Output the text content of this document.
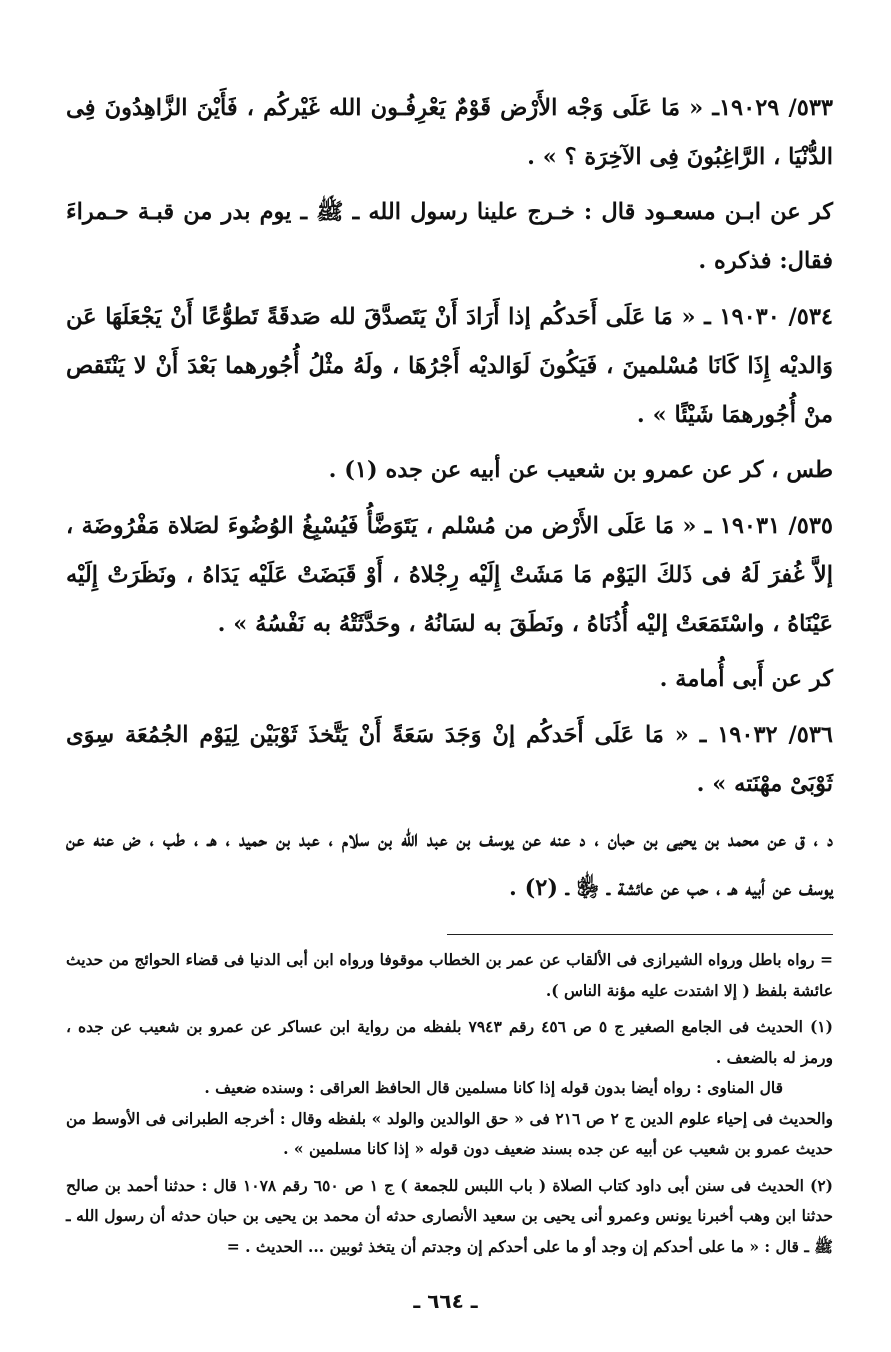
٥٣٣/ ١٩٠٢٩ـ « مَا عَلَى وَجْه الأَرْض قَوْمٌ يَعْرِفُـون الله غَيْركُم ، فَأَيْنَ الزَّاهِدُونَ فِى الدُّنْيَا ، الرَّاغِبُونَ فِى الآخِرَة ؟ » .

كر عن ابـن مسعـود قال : خـرج علينا رسول الله ـ ﷺ ـ يوم بدر من قبـة حـمراءَ فقال: فذكره .

٥٣٤/ ١٩٠٣٠ ـ « مَا عَلَى أَحَدكُم إذا أَرَادَ أَنْ يَتَصدَّقَ لله صَدقَةً تَطوُّعًا أَنْ يَجْعَلَهَا عَن وَالديْه إِذَا كَانَا مُسْلمينَ ، فَيَكُونَ لَوَالديْه أَجْرُهَا ، ولَهُ مثْلُ أُجُورهما بَعْدَ أَنْ لا يَنْتَقص منْ أُجُورهمَا شَيْئًا » .

طس ، كر عن عمرو بن شعيب عن أبيه عن جده (١) .

٥٣٥/ ١٩٠٣١ ـ « مَا عَلَى الأَرْض من مُسْلم ، يَتَوَضَّأُ فَيُسْبِغُ الوُضُوءَ لصَلاة مَفْرُوضَة ، إلاَّ غُفرَ لَهُ فى ذَلكَ اليَوْم مَا مَشَتْ إِلَيْه رِجْلاهُ ، أَوْ قَبَضَتْ عَلَيْه يَدَاهُ ، ونَظَرَتْ إِلَيْه عَيْنَاهُ ، واسْتَمَعَتْ إليْه أُذُنَاهُ ، ونَطَقَ به لسَانُهُ ، وحَدَّثَتْهُ به نَفْسُهُ » .

كر عن أَبى أُمامة .

٥٣٦/ ١٩٠٣٢ ـ « مَا عَلَى أَحَدكُم إنْ وَجَدَ سَعَةً أَنْ يَتَّخذَ ثَوْبَيْن لِيَوْم الجُمُعَة سِوَى ثَوْبَىْ مهْنَته » .

د ، ق عن محمد بن يحيى بن حبان ، د عنه عن يوسف بن عبد الله بن سلام ، عبد بن حميد ، هـ ، طب ، ض عنه عن يوسف عن أبيه هـ ، حب عن عائشة ـ ﵂ ـ (٢) .

= رواه باطل ورواه الشيرازى فى الألقاب عن عمر بن الخطاب موقوفا ورواه ابن أبى الدنيا فى قضاء الحوائج من حديث عائشة بلفظ ( إلا اشتدت عليه مؤنة الناس ).

(١) الحديث فى الجامع الصغير ج ٥ ص ٤٥٦ رقم ٧٩٤٣ بلفظه من رواية ابن عساكر عن عمرو بن شعيب عن جده ، ورمز له بالضعف .

قال المناوى : رواه أيضا بدون قوله إذا كانا مسلمين قال الحافظ العراقى : وسنده ضعيف .

والحديث فى إحياء علوم الدين ج ٢ ص ٢١٦ فى « حق الوالدين والولد » بلفظه وقال : أخرجه الطبرانى فى الأوسط من حديث عمرو بن شعيب عن أبيه عن جده بسند ضعيف دون قوله « إذا كانا مسلمين » .

(٢) الحديث فى سنن أبى داود كتاب الصلاة ( باب اللبس للجمعة ) ج ١ ص ٦٥٠ رقم ١٠٧٨ قال : حدثنا أحمد بن صالح حدثنا ابن وهب أخبرنا يونس وعمرو أنى يحيى بن سعيد الأنصارى حدثه أن محمد بن يحيى بن حبان حدثه أن رسول الله ـ ﷺ ـ قال : « ما على أحدكم إن وجد أو ما على أحدكم إن وجدتم أن يتخذ ثوبين ... الحديث . =

ـ ٦٦٤ ـ
